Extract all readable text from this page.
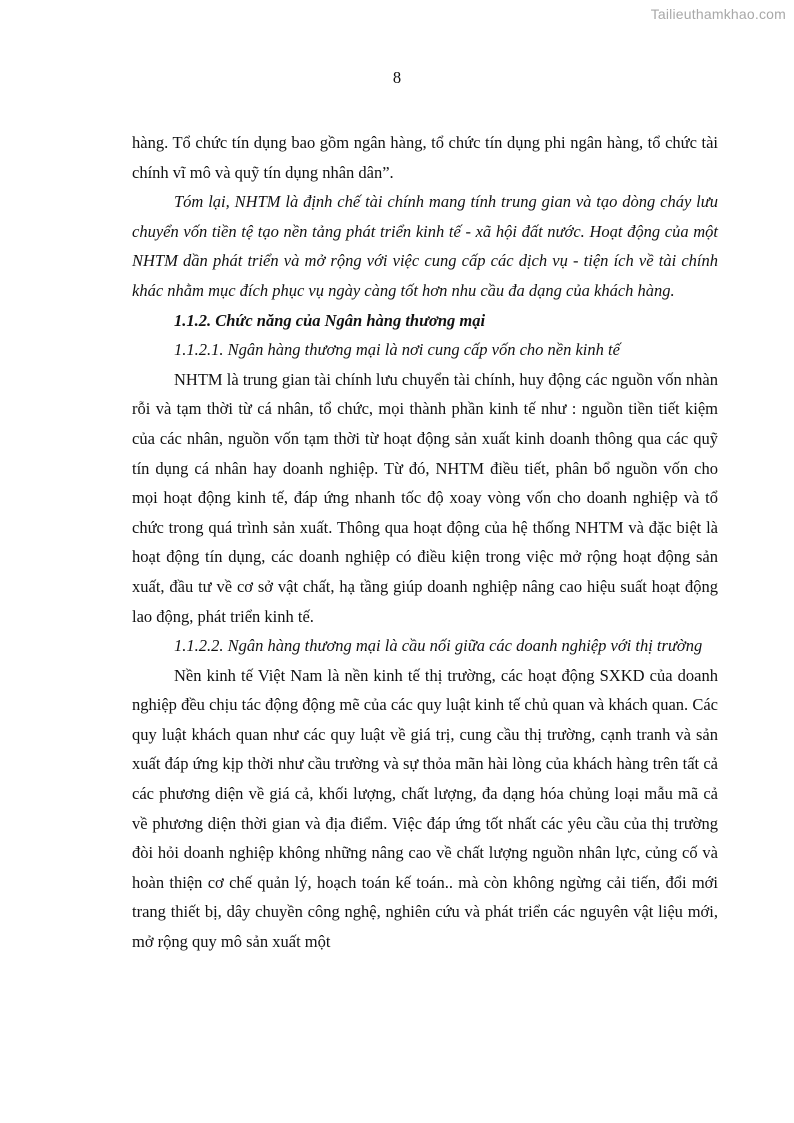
Tailieuthamkhao.com
8

hàng. Tổ chức tín dụng bao gồm ngân hàng, tổ chức tín dụng phi ngân hàng, tổ chức tài chính vĩ mô và quỹ tín dụng nhân dân”.

Tóm lại, NHTM là định chế tài chính mang tính trung gian và tạo dòng cháy lưu chuyển vốn tiền tệ tạo nền tảng phát triển kinh tế - xã hội đất nước. Hoạt động của một NHTM dần phát triển và mở rộng với việc cung cấp các dịch vụ - tiện ích về tài chính khác nhằm mục đích phục vụ ngày càng tốt hơn nhu cầu đa dạng của khách hàng.

1.1.2. Chức năng của Ngân hàng thương mại

1.1.2.1. Ngân hàng thương mại là nơi cung cấp vốn cho nền kinh tế

NHTM là trung gian tài chính lưu chuyển tài chính, huy động các nguồn vốn nhàn rỗi và tạm thời từ cá nhân, tổ chức, mọi thành phần kinh tế như : nguồn tiền tiết kiệm của các nhân, nguồn vốn tạm thời từ hoạt động sản xuất kinh doanh thông qua các quỹ tín dụng cá nhân hay doanh nghiệp. Từ đó, NHTM điều tiết, phân bổ nguồn vốn cho mọi hoạt động kinh tế, đáp ứng nhanh tốc độ xoay vòng vốn cho doanh nghiệp và tổ chức trong quá trình sản xuất. Thông qua hoạt động của hệ thống NHTM và đặc biệt là hoạt động tín dụng, các doanh nghiệp có điều kiện trong việc mở rộng hoạt động sản xuất, đầu tư về cơ sở vật chất, hạ tầng giúp doanh nghiệp nâng cao hiệu suất hoạt động lao động, phát triển kinh tế.

1.1.2.2. Ngân hàng thương mại là cầu nối giữa các doanh nghiệp với thị trường

Nền kinh tế Việt Nam là nền kinh tế thị trường, các hoạt động SXKD của doanh nghiệp đều chịu tác động động mẽ của các quy luật kinh tế chủ quan và khách quan. Các quy luật khách quan như các quy luật về giá trị, cung cầu thị trường, cạnh tranh và sản xuất đáp ứng kịp thời như cầu trường và sự thỏa mãn hài lòng của khách hàng trên tất cả các phương diện về giá cả, khối lượng, chất lượng, đa dạng hóa chủng loại mẫu mã cả về phương diện thời gian và địa điểm. Việc đáp ứng tốt nhất các yêu cầu của thị trường đòi hỏi doanh nghiệp không những nâng cao về chất lượng nguồn nhân lực, củng cố và hoàn thiện cơ chế quản lý, hoạch toán kế toán.. mà còn không ngừng cải tiến, đổi mới trang thiết bị, dây chuyền công nghệ, nghiên cứu và phát triển các nguyên vật liệu mới, mở rộng quy mô sản xuất một
